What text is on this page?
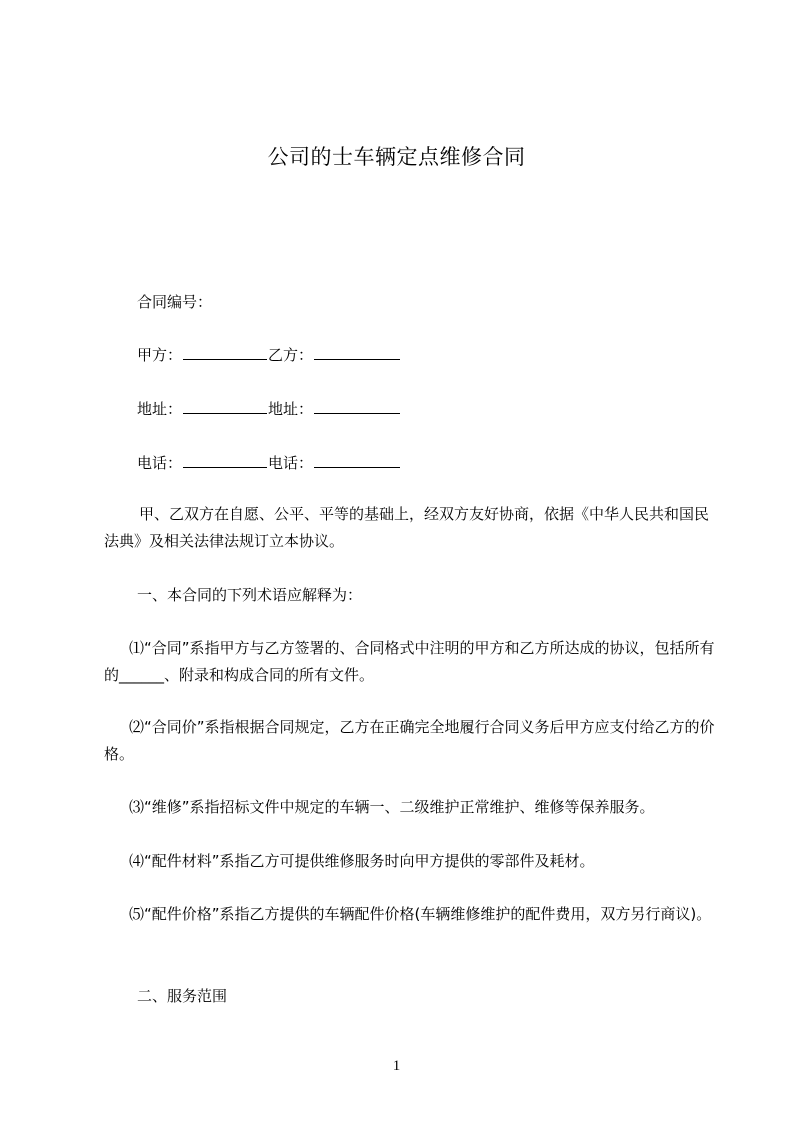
公司的士车辆定点维修合同
合同编号：
甲方：	乙方：
地址：	地址：
电话：	电话：
甲、乙双方在自愿、公平、平等的基础上，经双方友好协商，依据《中华人民共和国民法典》及相关法律法规订立本协议。
一、本合同的下列术语应解释为：
⑴“合同”系指甲方与乙方签署的、合同格式中注明的甲方和乙方所达成的协议，包括所有的______、附录和构成合同的所有文件。
⑵“合同价”系指根据合同规定，乙方在正确完全地履行合同义务后甲方应支付给乙方的价格。
⑶“维修”系指招标文件中规定的车辆一、二级维护正常维护、维修等保养服务。
⑷“配件材料”系指乙方可提供维修服务时向甲方提供的零部件及耗材。
⑸“配件价格”系指乙方提供的车辆配件价格(车辆维修维护的配件费用，双方另行商议)。
二、服务范围
1
